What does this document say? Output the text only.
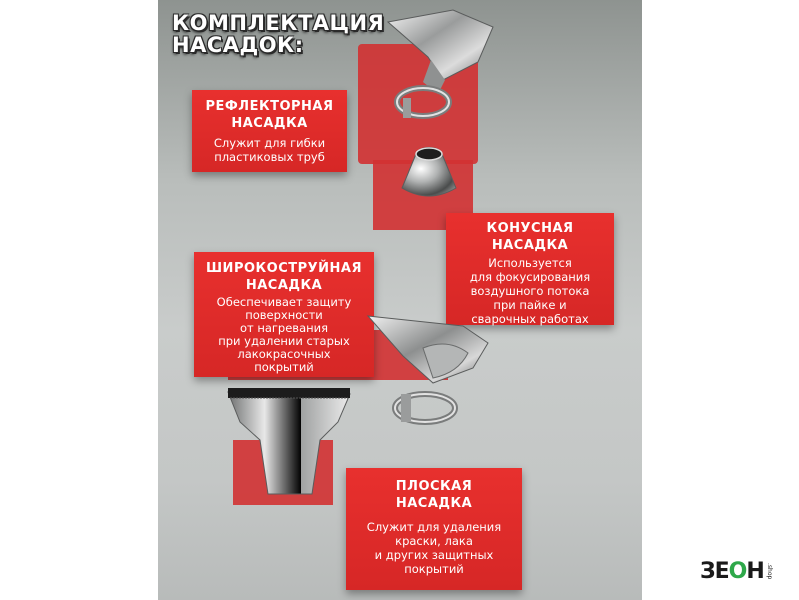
КОМПЛЕКТАЦИЯ
НАСАДОК:
РЕФЛЕКТОРНАЯ
НАСАДКА
Служит для гибки
пластиковых труб
КОНУСНАЯ
НАСАДКА
Используется
для фокусирования
воздушного потока
при пайке и
сварочных работах
ШИРОКОСТРУЙНАЯ
НАСАДКА
Обеспечивает защиту
поверхности
от нагревания
при удалении старых
лакокрасочных
покрытий
ПЛОСКАЯ
НАСАДКА
Служит для удаления
краски, лака
и других защитных
покрытий	ЗЕОН .shop
